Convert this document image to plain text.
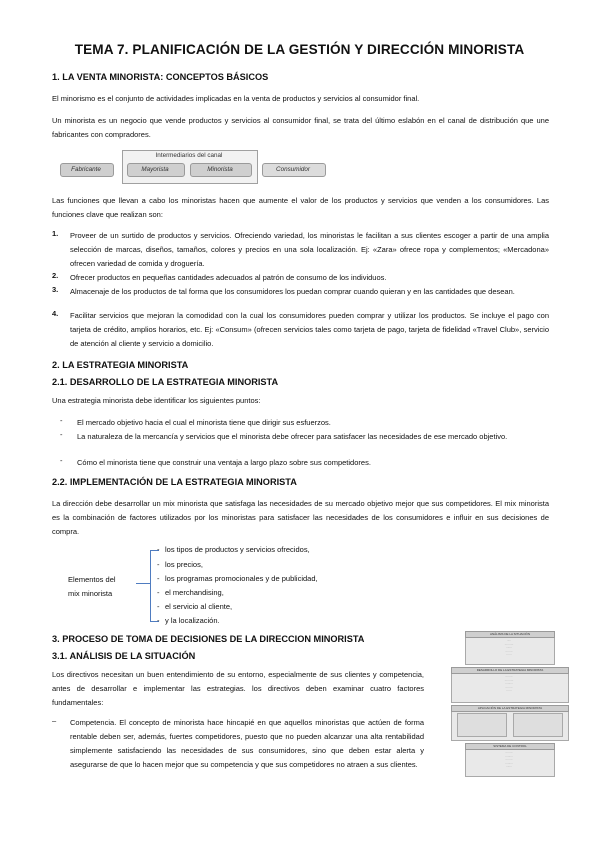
TEMA 7. PLANIFICACIÓN DE LA GESTIÓN Y DIRECCIÓN MINORISTA
1. LA VENTA MINORISTA: CONCEPTOS BÁSICOS
El minorismo es el conjunto de actividades implicadas en la venta de productos y servicios al consumidor final.
Un minorista es un negocio que vende productos y servicios al consumidor final, se trata del último eslabón en el canal de distribución que une fabricantes con compradores.
Intermediarios del canal
Fabricante	Mayorista	Minorista	Consumidor
Las funciones que llevan a cabo los minoristas hacen que aumente el valor de los productos y servicios que venden a los consumidores. Las funciones clave que realizan son:
1. Proveer de un surtido de productos y servicios. Ofreciendo variedad, los minoristas le facilitan a sus clientes escoger a partir de una amplia selección de marcas, diseños, tamaños, colores y precios en una sola localización. Ej: «Zara» ofrece ropa y complementos; «Mercadona» ofrecen variedad de comida y droguería.
2. Ofrecer productos en pequeñas cantidades adecuados al patrón de consumo de los individuos.
3. Almacenaje de los productos de tal forma que los consumidores los puedan comprar cuando quieran y en las cantidades que desean.
4. Facilitar servicios que mejoran la comodidad con la cual los consumidores pueden comprar y utilizar los productos. Se incluye el pago con tarjeta de crédito, amplios horarios, etc. Ej: «Consum» (ofrecen servicios tales como tarjeta de pago, tarjeta de fidelidad «Travel Club», servicio de atención al cliente y servicio a domicilio.
2. LA ESTRATEGIA MINORISTA
2.1. DESARROLLO DE LA ESTRATEGIA MINORISTA
Una estrategia minorista debe identificar los siguientes puntos:
- El mercado objetivo hacia el cual el minorista tiene que dirigir sus esfuerzos.
- La naturaleza de la mercancía y servicios que el minorista debe ofrecer para satisfacer las necesidades de ese mercado objetivo.
- Cómo el minorista tiene que construir una ventaja a largo plazo sobre sus competidores.
2.2. IMPLEMENTACIÓN DE LA ESTRATEGIA MINORISTA
La dirección debe desarrollar un mix minorista que satisfaga las necesidades de su mercado objetivo mejor que sus competidores. El mix minorista es la combinación de factores utilizados por los minoristas para satisfacer las necesidades de los consumidores e influir en sus decisiones de compra.
Elementos del
mix minorista
- los tipos de productos y servicios ofrecidos,
- los precios,
- los programas promocionales y de publicidad,
- el merchandising,
- el servicio al cliente,
- y la localización.
3. PROCESO DE TOMA DE DECISIONES DE LA DIRECCION MINORISTA
3.1. ANÁLISIS DE LA SITUACIÓN
Los directivos necesitan un buen entendimiento de su entorno, especialmente de sus clientes y competencia, antes de desarrollar e implementar las estrategias. los directivos deben examinar cuatro factores fundamentales:
– Competencia. El concepto de minorista hace hincapié en que aquellos minoristas que actúen de forma rentable deben ser, además, fuertes competidores, puesto que no pueden alcanzar una alta rentabilidad simplemente satisfaciendo las necesidades de sus consumidores, sino que deben estar alerta y asegurarse de que lo hacen mejor que su competencia y que sus competidores no atraen a sus clientes.
ANÁLISIS DE LA SITUACIÓN
·····
··········
·······
········
······
DESARROLLO DE LA ESTRATEGIA MINORISTA
········
··········
·········
········
······
APLICACIÓN DE LA ESTRATEGIA MINORISTA
SISTEMA DE CONTROL
········
·········
········
·········
·······
